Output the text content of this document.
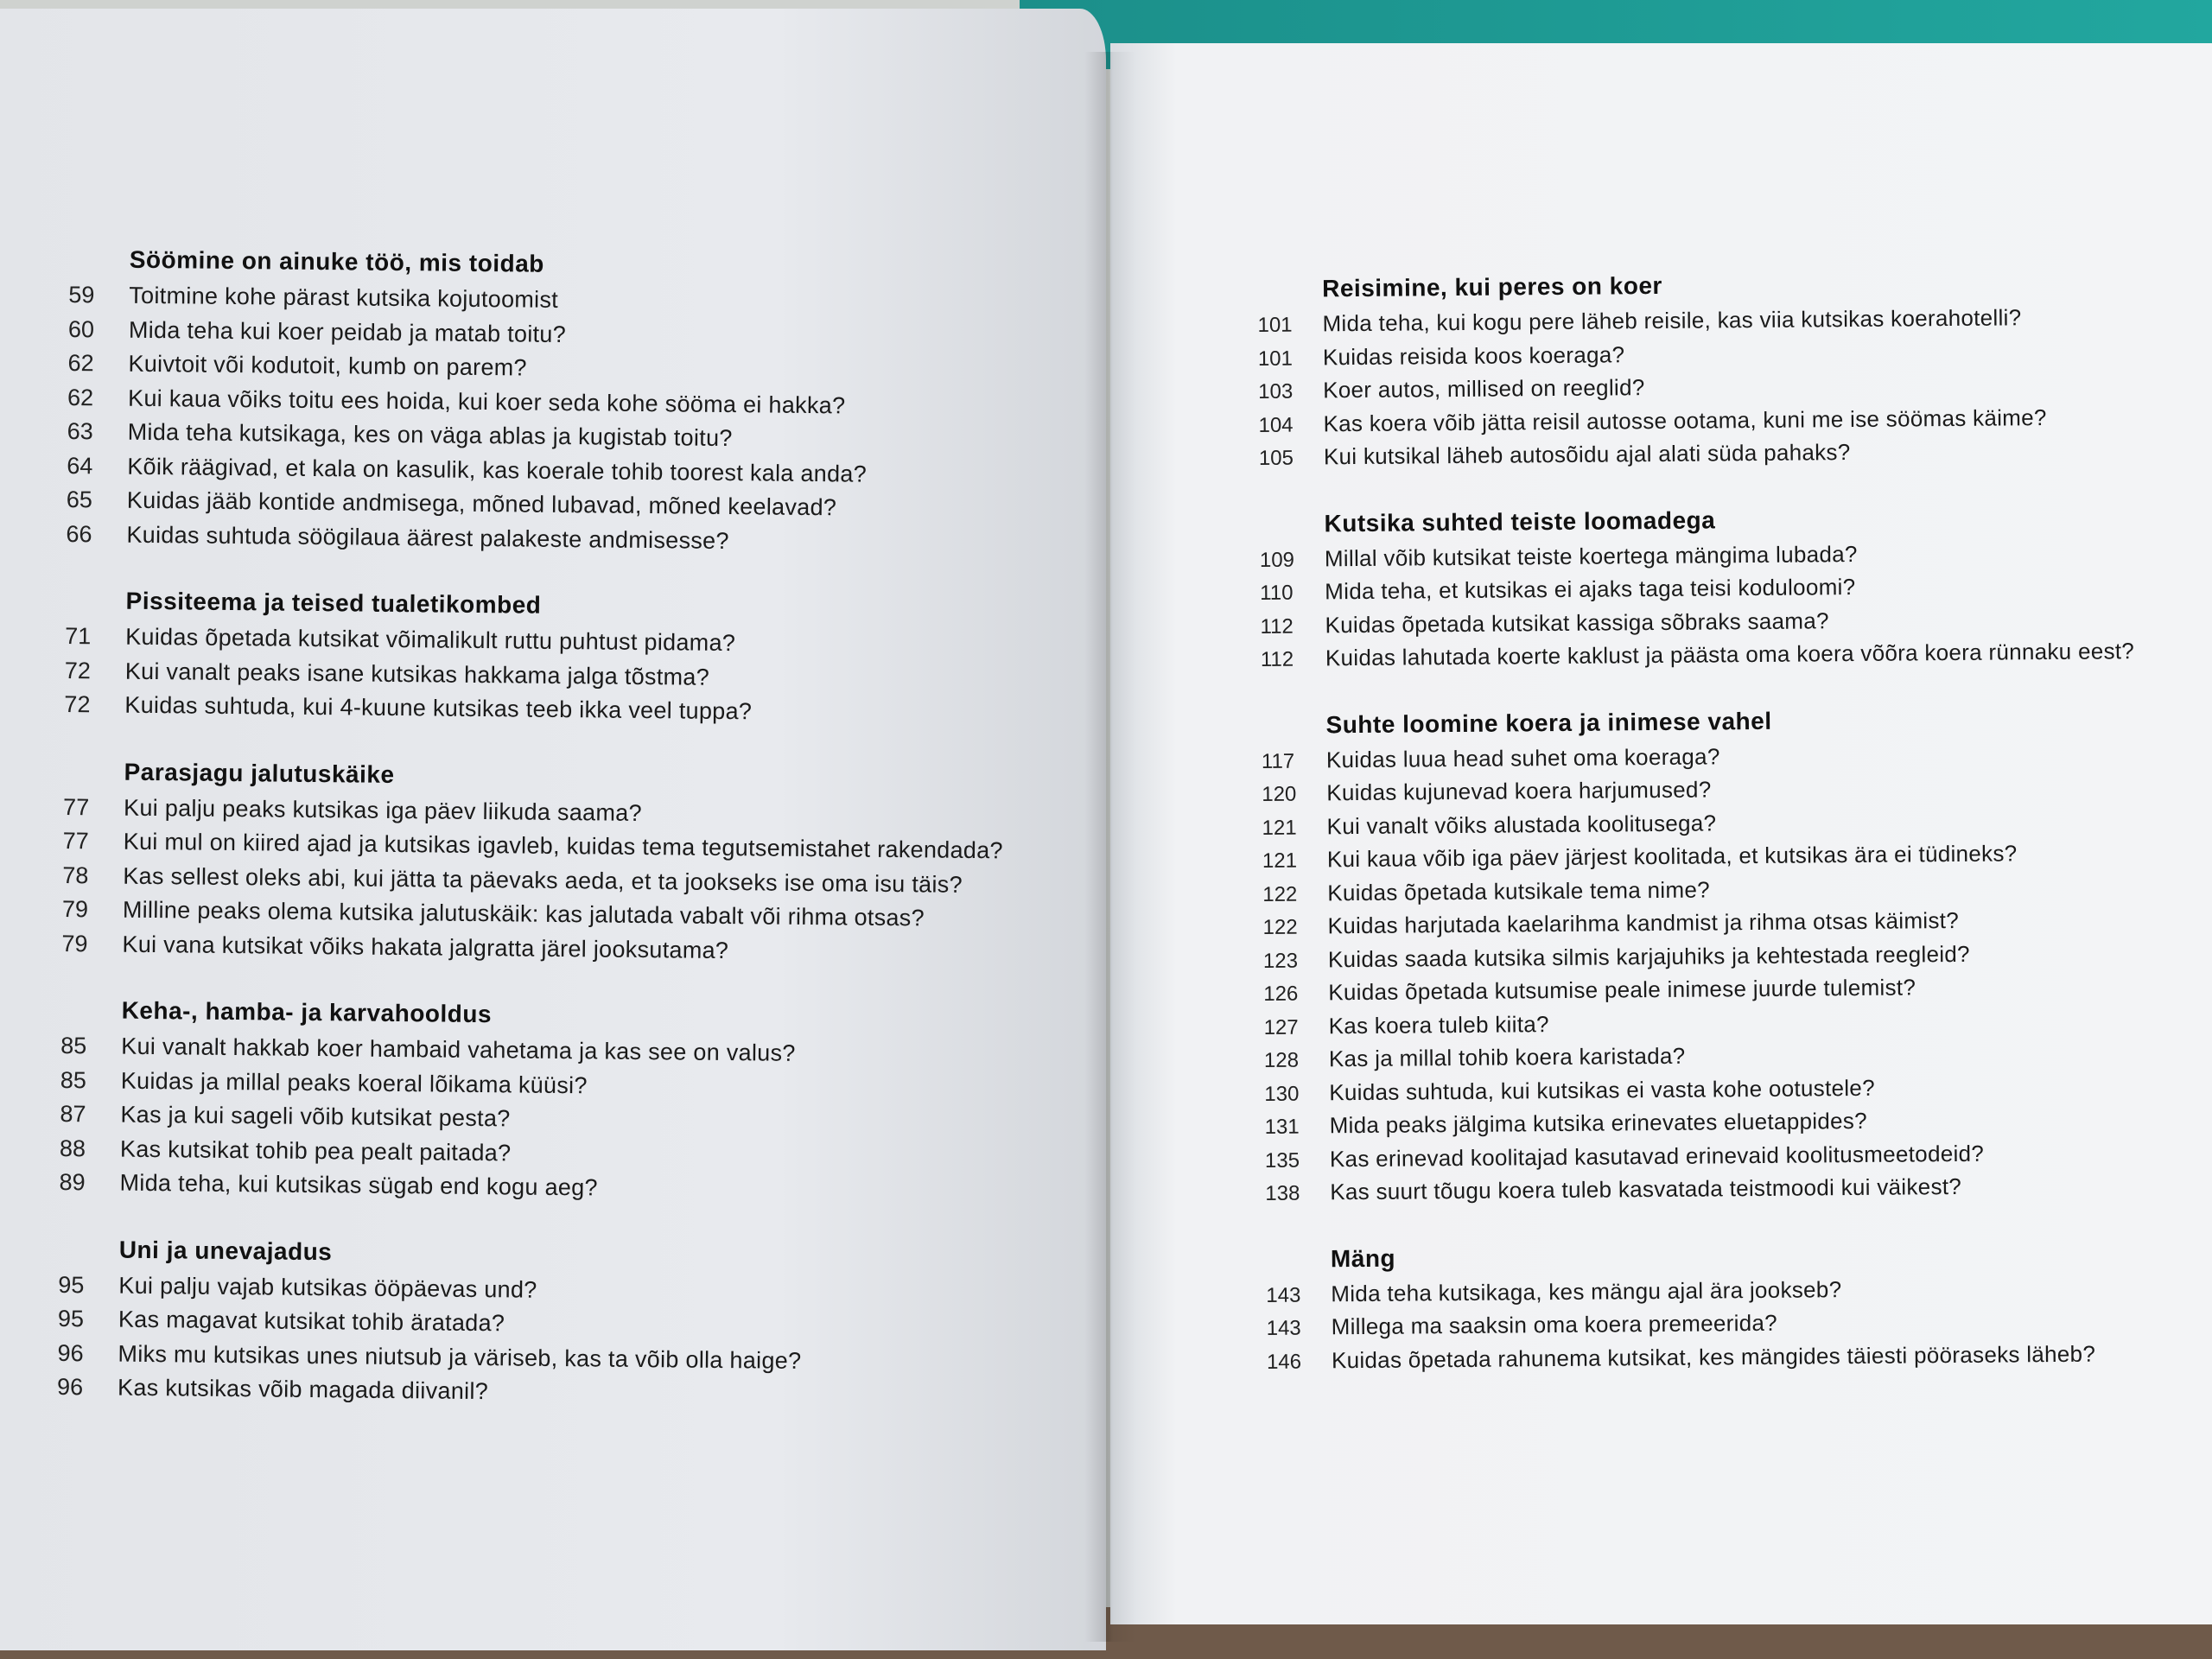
Söömine on ainuke töö, mis toidab
59	Toitmine kohe pärast kutsika kojutoomist
60	Mida teha kui koer peidab ja matab toitu?
62	Kuivtoit või kodutoit, kumb on parem?
62	Kui kaua võiks toitu ees hoida, kui koer seda kohe sööma ei hakka?
63	Mida teha kutsikaga, kes on väga ablas ja kugistab toitu?
64	Kõik räägivad, et kala on kasulik, kas koerale tohib toorest kala anda?
65	Kuidas jääb kontide andmisega, mõned lubavad, mõned keelavad?
66	Kuidas suhtuda söögilaua äärest palakeste andmisesse?
Pissiteema ja teised tualetikombed
71	Kuidas õpetada kutsikat võimalikult ruttu puhtust pidama?
72	Kui vanalt peaks isane kutsikas hakkama jalga tõstma?
72	Kuidas suhtuda, kui 4-kuune kutsikas teeb ikka veel tuppa?
Parasjagu jalutuskäike
77	Kui palju peaks kutsikas iga päev liikuda saama?
77	Kui mul on kiired ajad ja kutsikas igavleb, kuidas tema tegutsemistahet rakendada?
78	Kas sellest oleks abi, kui jätta ta päevaks aeda, et ta jookseks ise oma isu täis?
79	Milline peaks olema kutsika jalutuskäik: kas jalutada vabalt või rihma otsas?
79	Kui vana kutsikat võiks hakata jalgratta järel jooksutama?
Keha-, hamba- ja karvahooldus
85	Kui vanalt hakkab koer hambaid vahetama ja kas see on valus?
85	Kuidas ja millal peaks koeral lõikama küüsi?
87	Kas ja kui sageli võib kutsikat pesta?
88	Kas kutsikat tohib pea pealt paitada?
89	Mida teha, kui kutsikas sügab end kogu aeg?
Uni ja unevajadus
95	Kui palju vajab kutsikas ööpäevas und?
95	Kas magavat kutsikat tohib äratada?
96	Miks mu kutsikas unes niutsub ja väriseb, kas ta võib olla haige?
96	Kas kutsikas võib magada diivanil?
Reisimine, kui peres on koer
101	Mida teha, kui kogu pere läheb reisile, kas viia kutsikas koerahotelli?
101	Kuidas reisida koos koeraga?
103	Koer autos, millised on reeglid?
104	Kas koera võib jätta reisil autosse ootama, kuni me ise söömas käime?
105	Kui kutsikal läheb autosõidu ajal alati süda pahaks?
Kutsika suhted teiste loomadega
109	Millal võib kutsikat teiste koertega mängima lubada?
110	Mida teha, et kutsikas ei ajaks taga teisi koduloomi?
112	Kuidas õpetada kutsikat kassiga sõbraks saama?
112	Kuidas lahutada koerte kaklust ja päästa oma koera võõra koera rünnaku eest?
Suhte loomine koera ja inimese vahel
117	Kuidas luua head suhet oma koeraga?
120	Kuidas kujunevad koera harjumused?
121	Kui vanalt võiks alustada koolitusega?
121	Kui kaua võib iga päev järjest koolitada, et kutsikas ära ei tüdineks?
122	Kuidas õpetada kutsikale tema nime?
122	Kuidas harjutada kaelarihma kandmist ja rihma otsas käimist?
123	Kuidas saada kutsika silmis karjajuhiks ja kehtestada reegleid?
126	Kuidas õpetada kutsumise peale inimese juurde tulemist?
127	Kas koera tuleb kiita?
128	Kas ja millal tohib koera karistada?
130	Kuidas suhtuda, kui kutsikas ei vasta kohe ootustele?
131	Mida peaks jälgima kutsika erinevates eluetappides?
135	Kas erinevad koolitajad kasutavad erinevaid koolitusmeetodeid?
138	Kas suurt tõugu koera tuleb kasvatada teistmoodi kui väikest?
Mäng
143	Mida teha kutsikaga, kes mängu ajal ära jookseb?
143	Millega ma saaksin oma koera premeerida?
146	Kuidas õpetada rahunema kutsikat, kes mängides täiesti pööraseks läheb?
